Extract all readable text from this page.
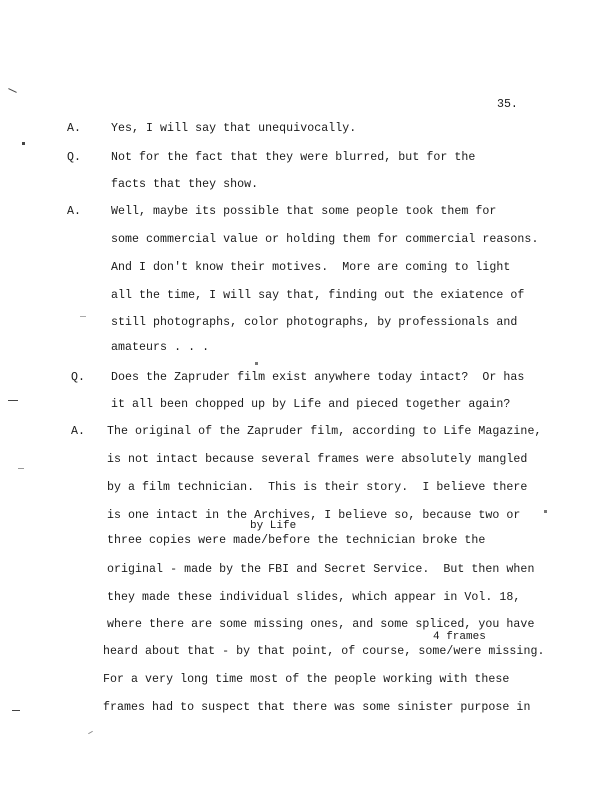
35.
A.	Yes, I will say that unequivocally.
Q.	Not for the fact that they were blurred, but for the
facts that they show.
A.	Well, maybe its possible that some people took them for
some commercial value or holding them for commercial reasons.
And I don't know their motives.  More are coming to light
all the time, I will say that, finding out the exiatence of
still photographs, color photographs, by professionals and
amateurs . . .
Q. Does the Zapruder film exist anywhere today intact?  Or has
it all been chopped up by Life and pieced together again?
A. The original of the Zapruder film, according to Life Magazine,
is not intact because several frames were absolutely mangled
by a film technician.  This is their story.  I believe there
is one intact in the Archives, I believe so, because two or
by Life
three copies were made/before the technician broke the
original - made by the FBI and Secret Service.  But then when
they made these individual slides, which appear in Vol. 18,
where there are some missing ones, and some spliced, you have
4 frames
heard about that - by that point, of course, some/were missing.
For a very long time most of the people working with these
frames had to suspect that there was some sinister purpose in
